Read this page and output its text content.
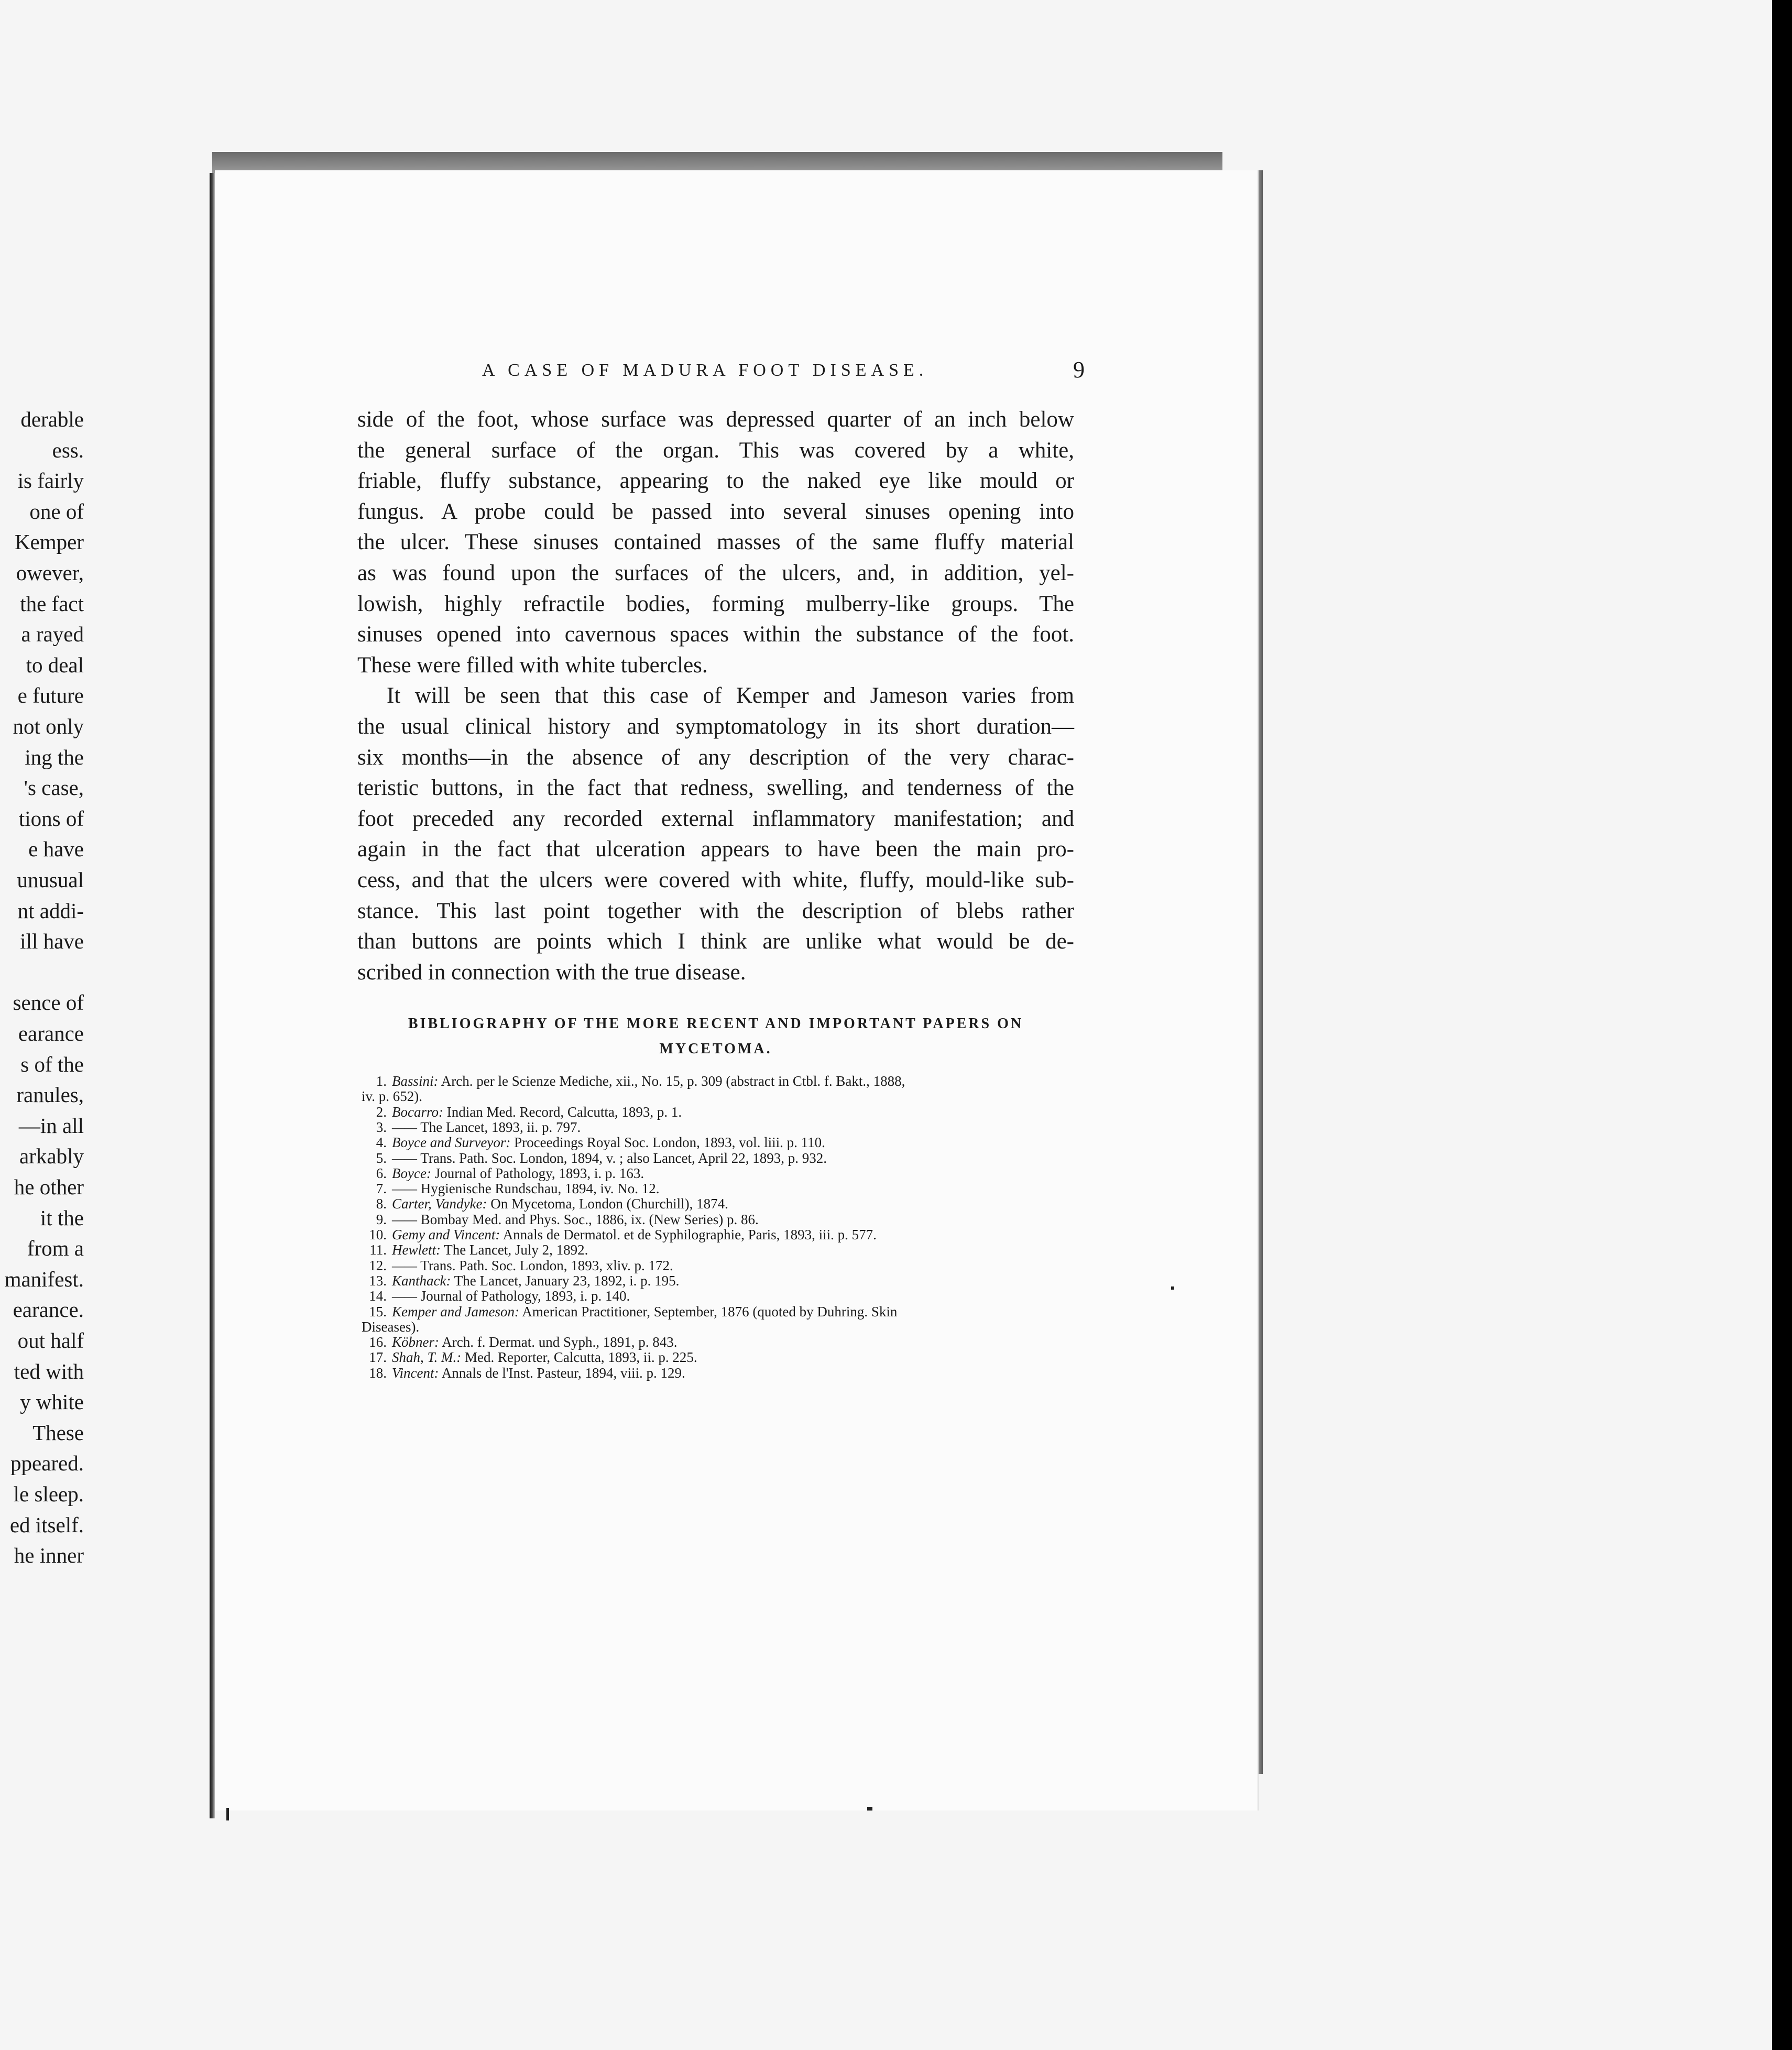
derable
ess.
is fairly
one of
Kemper
owever,
the fact
a rayed
to deal
e future
not only
ing the
's case,
tions of
e have
unusual
nt addi-
ill have
sence of
earance
s of the
ranules,
—in all
arkably
he other
it the
from a
manifest.
earance.
out half
ted with
y white
These
ppeared.
le sleep.
ed itself.
he inner
A CASE OF MADURA FOOT DISEASE.	9
side of the foot, whose surface was depressed quarter of an inch below
the general surface of the organ. This was covered by a white,
friable, fluffy substance, appearing to the naked eye like mould or
fungus. A probe could be passed into several sinuses opening into
the ulcer. These sinuses contained masses of the same fluffy material
as was found upon the surfaces of the ulcers, and, in addition, yel-
lowish, highly refractile bodies, forming mulberry-like groups. The
sinuses opened into cavernous spaces within the substance of the foot.
These were filled with white tubercles.
It will be seen that this case of Kemper and Jameson varies from
the usual clinical history and symptomatology in its short duration—
six months—in the absence of any description of the very charac-
teristic buttons, in the fact that redness, swelling, and tenderness of the
foot preceded any recorded external inflammatory manifestation; and
again in the fact that ulceration appears to have been the main pro-
cess, and that the ulcers were covered with white, fluffy, mould-like sub-
stance. This last point together with the description of blebs rather
than buttons are points which I think are unlike what would be de-
scribed in connection with the true disease.
BIBLIOGRAPHY OF THE MORE RECENT AND IMPORTANT PAPERS ON
MYCETOMA.
1. Bassini: Arch. per le Scienze Mediche, xii., No. 15, p. 309 (abstract in Ctbl. f. Bakt., 1888,
iv. p. 652).
2. Bocarro: Indian Med. Record, Calcutta, 1893, p. 1.
3. —— The Lancet, 1893, ii. p. 797.
4. Boyce and Surveyor: Proceedings Royal Soc. London, 1893, vol. liii. p. 110.
5. —— Trans. Path. Soc. London, 1894, v. ; also Lancet, April 22, 1893, p. 932.
6. Boyce: Journal of Pathology, 1893, i. p. 163.
7. —— Hygienische Rundschau, 1894, iv. No. 12.
8. Carter, Vandyke: On Mycetoma, London (Churchill), 1874.
9. —— Bombay Med. and Phys. Soc., 1886, ix. (New Series) p. 86.
10. Gemy and Vincent: Annals de Dermatol. et de Syphilographie, Paris, 1893, iii. p. 577.
11. Hewlett: The Lancet, July 2, 1892.
12. —— Trans. Path. Soc. London, 1893, xliv. p. 172.
13. Kanthack: The Lancet, January 23, 1892, i. p. 195.
14. —— Journal of Pathology, 1893, i. p. 140.
15. Kemper and Jameson: American Practitioner, September, 1876 (quoted by Duhring. Skin
Diseases).
16. Köbner: Arch. f. Dermat. und Syph., 1891, p. 843.
17. Shah, T. M.: Med. Reporter, Calcutta, 1893, ii. p. 225.
18. Vincent: Annals de l'Inst. Pasteur, 1894, viii. p. 129.
